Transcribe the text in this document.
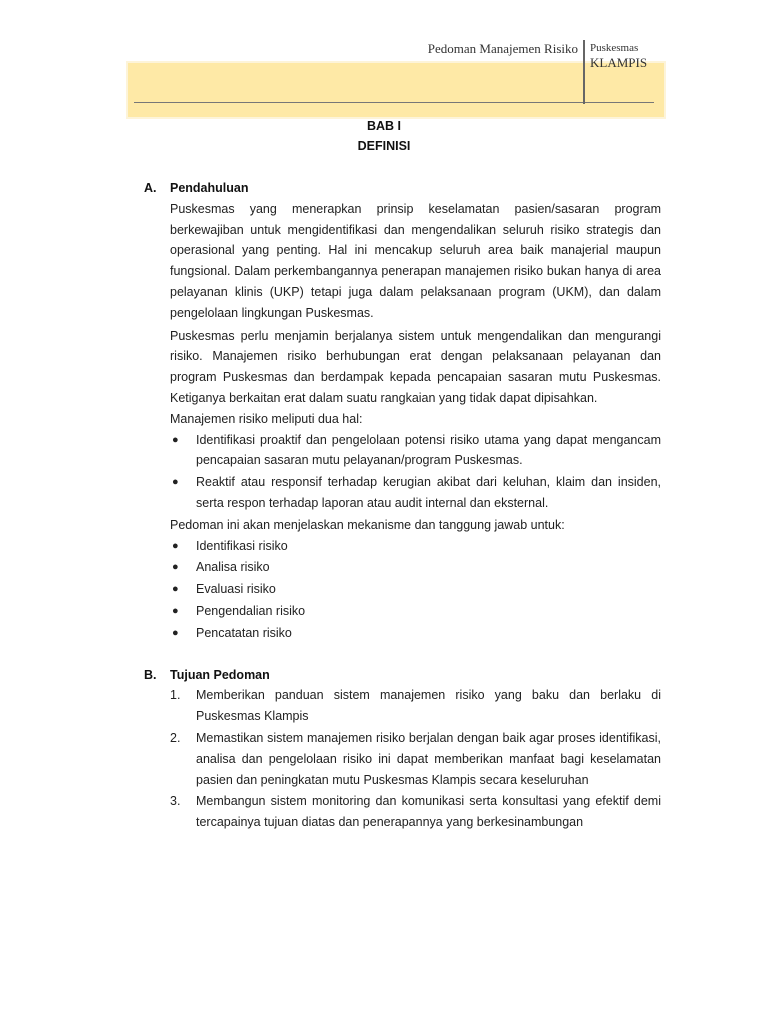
Pedoman Manajemen Risiko Puskesmas
KLAMPIS
BAB I
DEFINISI
A.	Pendahuluan

Puskesmas yang menerapkan prinsip keselamatan pasien/sasaran program berkewajiban untuk mengidentifikasi dan mengendalikan seluruh risiko strategis dan operasional yang penting. Hal ini mencakup seluruh area baik manajerial maupun fungsional. Dalam perkembangannya penerapan manajemen risiko bukan hanya di area pelayanan klinis (UKP) tetapi juga dalam pelaksanaan program (UKM), dan dalam pengelolaan lingkungan Puskesmas.

Puskesmas perlu menjamin berjalanya sistem untuk mengendalikan dan mengurangi risiko. Manajemen risiko berhubungan erat dengan pelaksanaan pelayanan dan program Puskesmas dan berdampak kepada pencapaian sasaran mutu Puskesmas. Ketiganya berkaitan erat dalam suatu rangkaian yang tidak dapat dipisahkan.

Manajemen risiko meliputi dua hal:

●	Identifikasi proaktif dan pengelolaan potensi risiko utama yang dapat mengancam pencapaian sasaran mutu pelayanan/program Puskesmas.
●	Reaktif atau responsif terhadap kerugian akibat dari keluhan, klaim dan insiden, serta respon terhadap laporan atau audit internal dan eksternal.

Pedoman ini akan menjelaskan mekanisme dan tanggung jawab untuk:

●	Identifikasi risiko
●	Analisa risiko
●	Evaluasi risiko
●	Pengendalian risiko
●	Pencatatan risiko
B.	Tujuan Pedoman
1.	Memberikan panduan sistem manajemen risiko yang baku dan berlaku di Puskesmas Klampis
2.	Memastikan sistem manajemen risiko berjalan dengan baik agar proses identifikasi, analisa dan pengelolaan risiko ini dapat memberikan manfaat bagi keselamatan pasien dan peningkatan mutu Puskesmas Klampis secara keseluruhan
3.	Membangun sistem monitoring dan komunikasi serta konsultasi yang efektif demi tercapainya tujuan diatas dan penerapannya yang berkesinambungan
